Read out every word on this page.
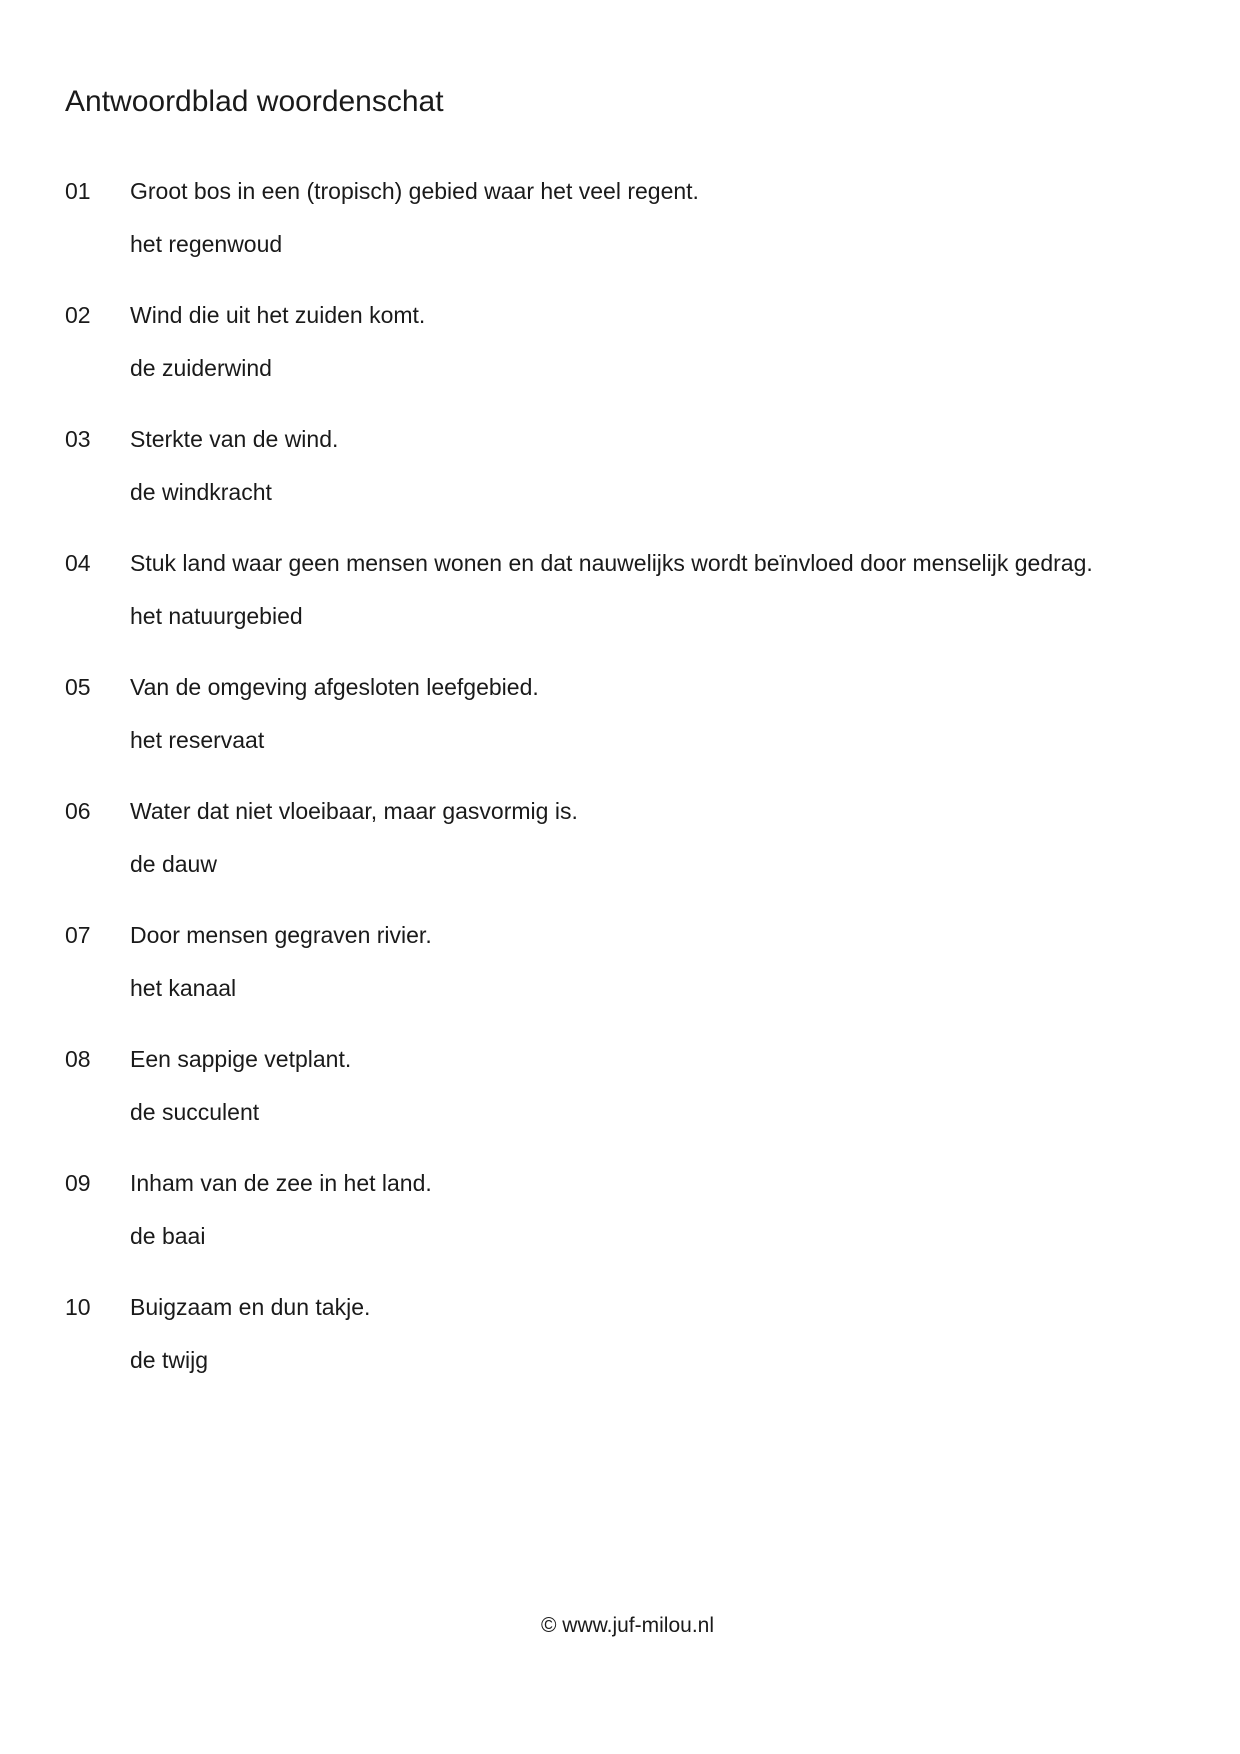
Antwoordblad woordenschat
01 Groot bos in een (tropisch) gebied waar het veel regent.
het regenwoud
02 Wind die uit het zuiden komt.
de zuiderwind
03 Sterkte van de wind.
de windkracht
04 Stuk land waar geen mensen wonen en dat nauwelijks wordt beïnvloed door menselijk gedrag.
het natuurgebied
05 Van de omgeving afgesloten leefgebied.
het reservaat
06 Water dat niet vloeibaar, maar gasvormig is.
de dauw
07 Door mensen gegraven rivier.
het kanaal
08 Een sappige vetplant.
de succulent
09 Inham van de zee in het land.
de baai
10 Buigzaam en dun takje.
de twijg
© www.juf-milou.nl
